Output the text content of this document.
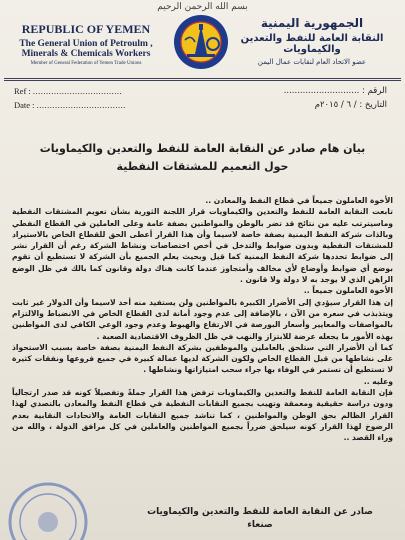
بسم الله الرحمن الرحيم
REPUBLIC OF YEMEN
The General Union of Petroulm ,
Minerals & Chemicals Workers
Member of General Federation of Yemen Trade Unions
الجمهورية اليمنية
النقابة العامة للنفط والتعدين والكيماويات
عضو الاتحاد العام لنقابات عمال اليمن
Ref : ..................................
Date : ..................................
الرقم : ............................
التاريخ : / ٦ / ٢٠١٥م
بيان هام صادر عن النقابة العامة للنفط والتعدين والكيماويات
حول التعميم للمشتقات النفطية

الأخوة العاملون جميعاً في قطاع النفط والمعادن ..

تابعت النقابة العامة للنفط والتعدين والكيماويات قرار اللجنة الثورية بشأن تعويم المشتقات النفطية وماسيترتب عليه من نتائج قد تضر بالوطن والمواطنين بصفة عامة وعلى العاملين في القطاع النفطي وبالذات شركة النفط اليمنية بصفة خاصة لاسيما وأن هذا القرار أعطى الحق للقطاع الخاص بالاستيراد للمشتقات النفطية وبدون ضوابط والتدخل في أخص اختصاصات ونشاط الشركة رغم أن القرار نشر إلى ضوابط تحددها شركة النفط اليمنية كما قيل وبحيث يعلم الجميع بأن الشركة لا تستطيع أن تقوم بوضع أي ضوابط وأوضاع لأي مخالف وأمتجاوز عندما كانت هناك دولة وقانون كما بالك في ظل الوضع الراهن الذي لا يوجد به لا دولة ولا قانون .

الأخوة العاملون جميعاً ..

إن هذا القرار سيؤدي إلى الأضرار الكبيرة بالمواطنين ولن يستفيد منه أحد لاسيما وأن الدولار غير ثابت ويتذبذب في سعره من الآن ، بالإضافة إلى عدم وجود أمانة لدى القطاع الخاص في الانضباط والالتزام بالمواصفات والمعايير وأسعار البورصة في الارتفاع والهبوط وعدم وجود الوعي الكافي لدى المواطنين بهذه الأمور ما يجعله عرضة للابتزاز والنهب في ظل الظروف الاقتصادية الصعبة .

كما أن الأضرار التي ستلحق بالعاملين والموظفين بشركة النفط اليمنية بصفة خاصة بسبب الاستحواذ على نشاطها من قبل القطاع الخاص ولكون الشركة لديها عمالة كبيرة في جميع فروعها ونفقات كثيرة لا تستطيع أن تستمر في الوفاء بها جراء سحب امتيازاتها ونشاطها .

وعليه ..

فإن النقابة العامة للنفط والتعدين والكيماويات ترفض هذا القرار جملةً وتفصيلاً كونه قد صدر ارتجالياً ودون دراسة حقيقية ومعمقة وتهيب بجميع النقابات النفطية في قطاع النفط والمعادن بالتصدي لهذا القرار الظالم بحق الوطن والمواطنين ، كما تناشد جميع النقابات العامة والاتحادات النقابية بعدم الرضوخ لهذا القرار كونه سيلحق ضرراً بجميع المواطنين والعاملين في كل مرافق الدولة ، والله من وراء القصد ..

صادر عن النقابة العامة للنفط والتعدين والكيماويات
صنعاء
